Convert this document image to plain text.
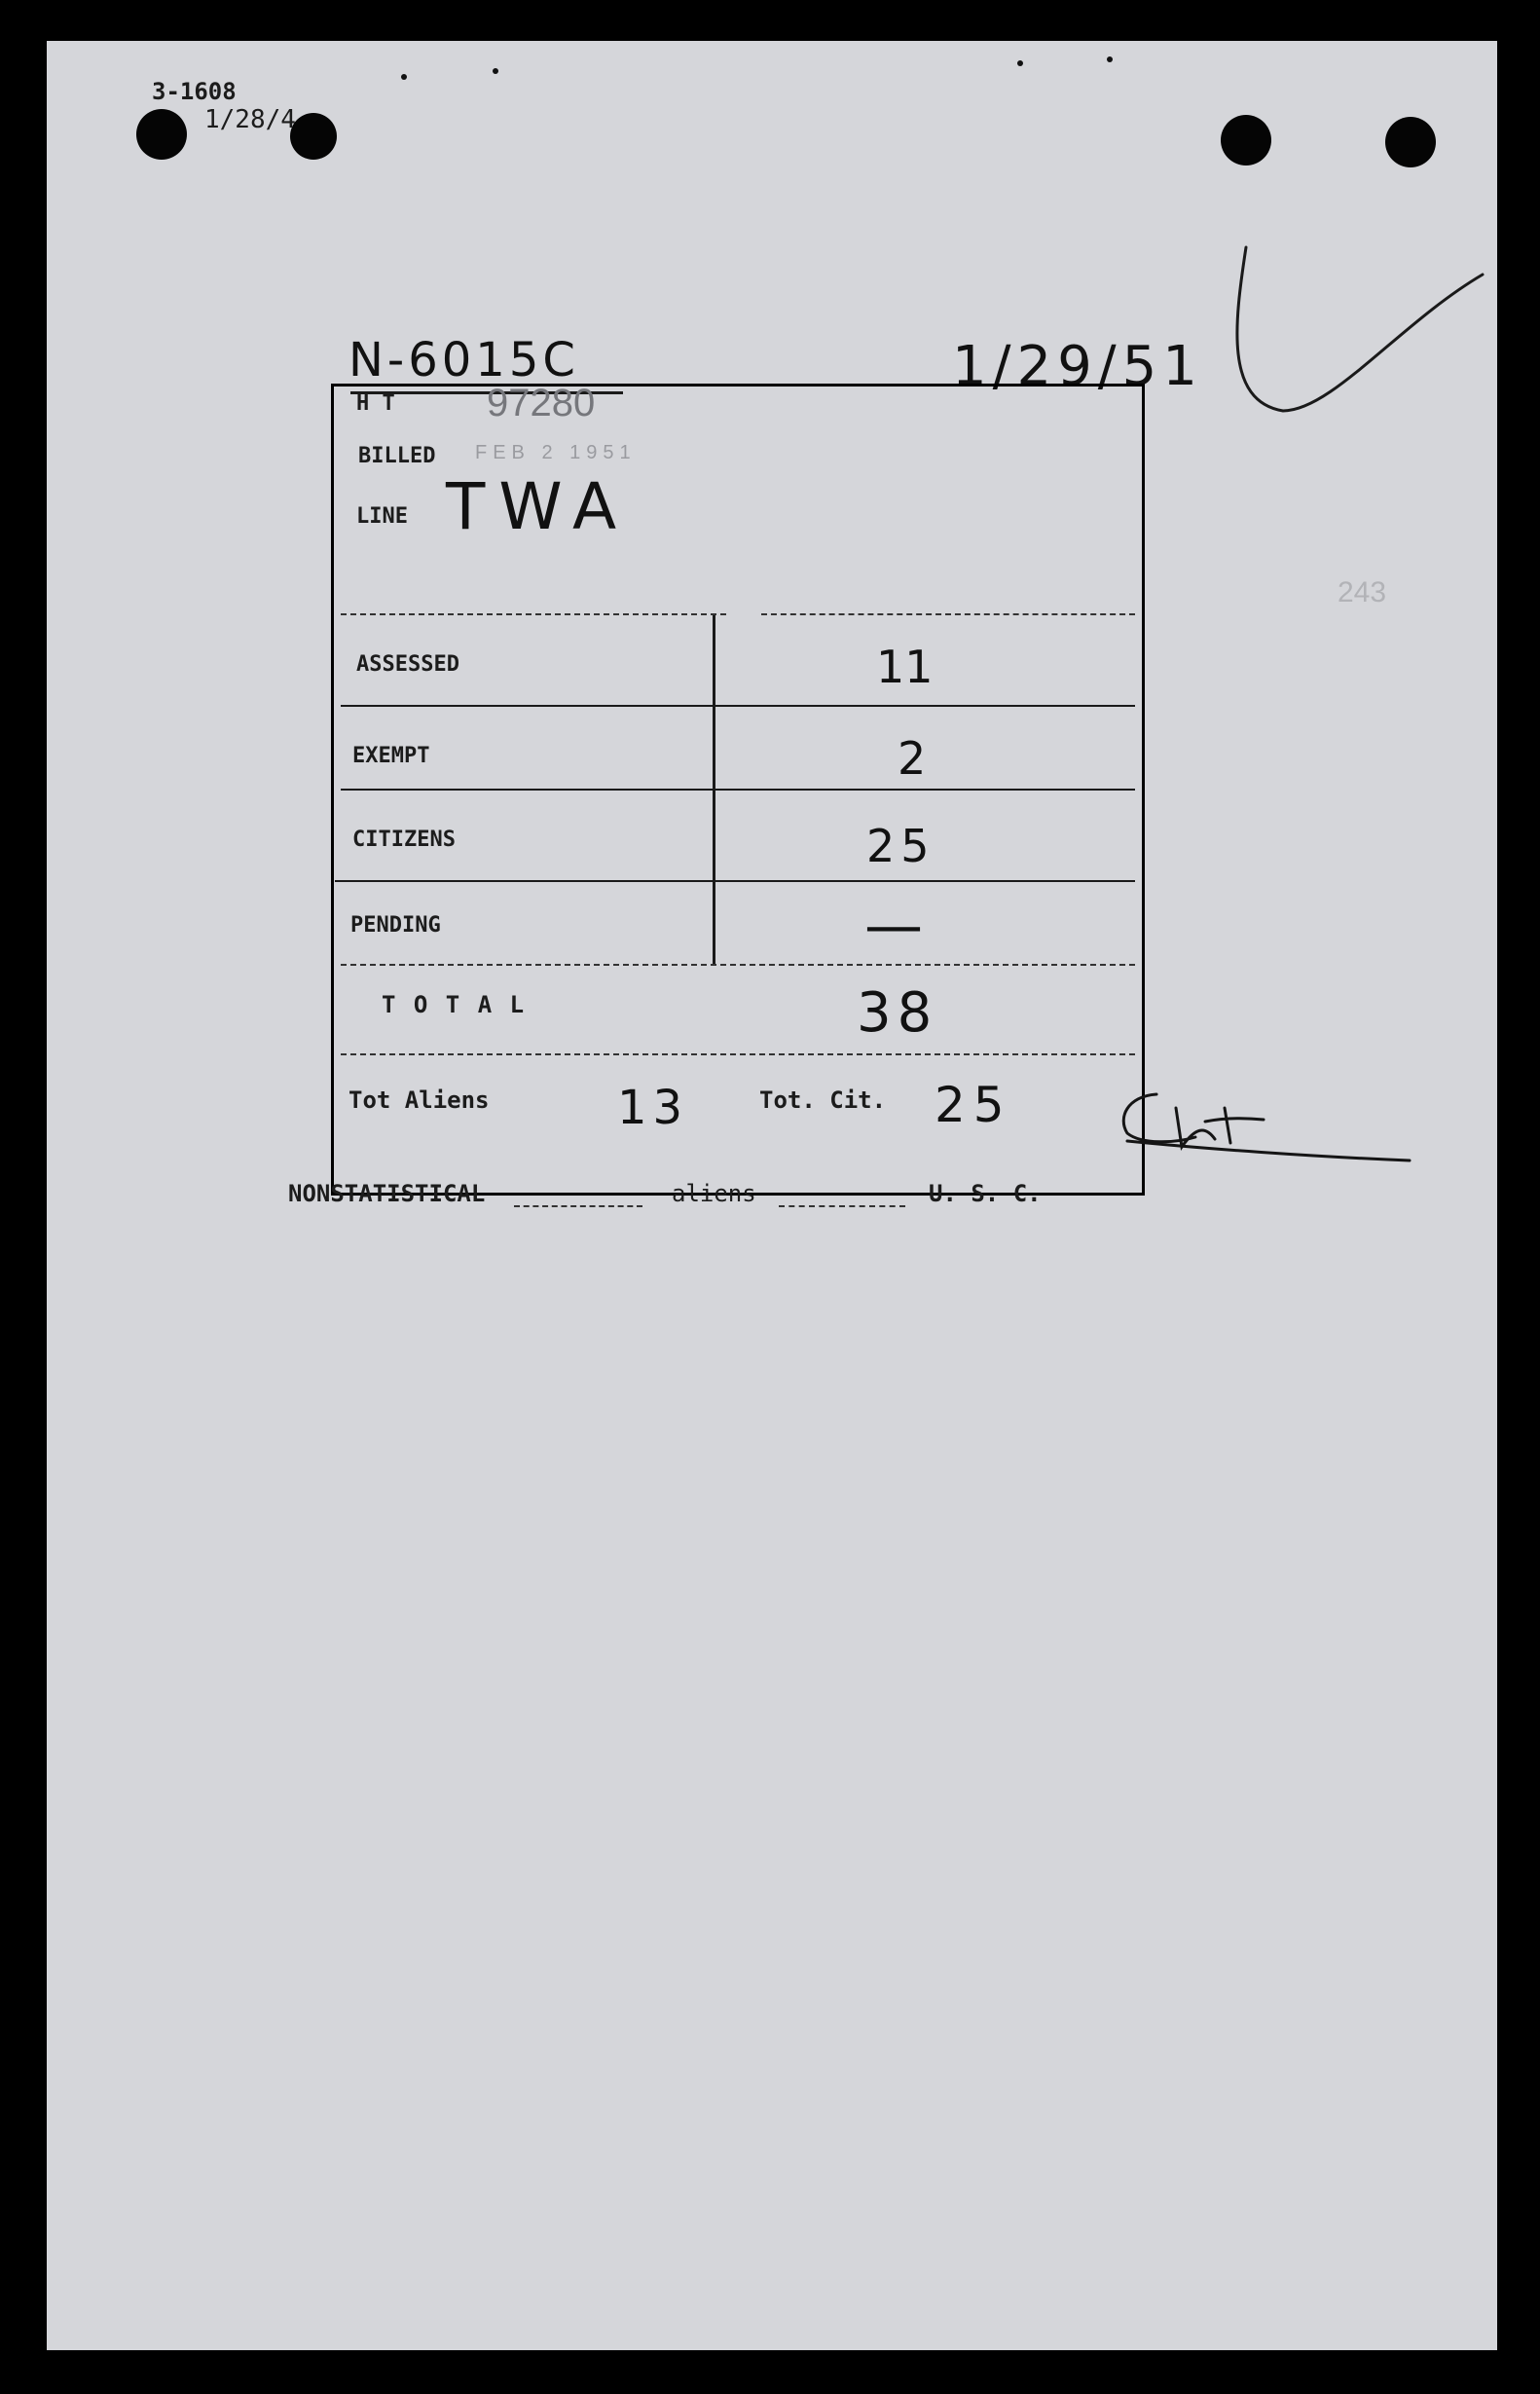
3-1608
1/28/4
N-6015C	1/29/51
243
H T 97280
BILLED FEB 2 1951
LINE TWA
ASSESSED	11
EXEMPT	2
CITIZENS	25
PENDING	—
T O T A L	38
Tot Aliens	13	Tot. Cit. 25
Ct
NONSTATISTICAL	aliens	U. S. C.
